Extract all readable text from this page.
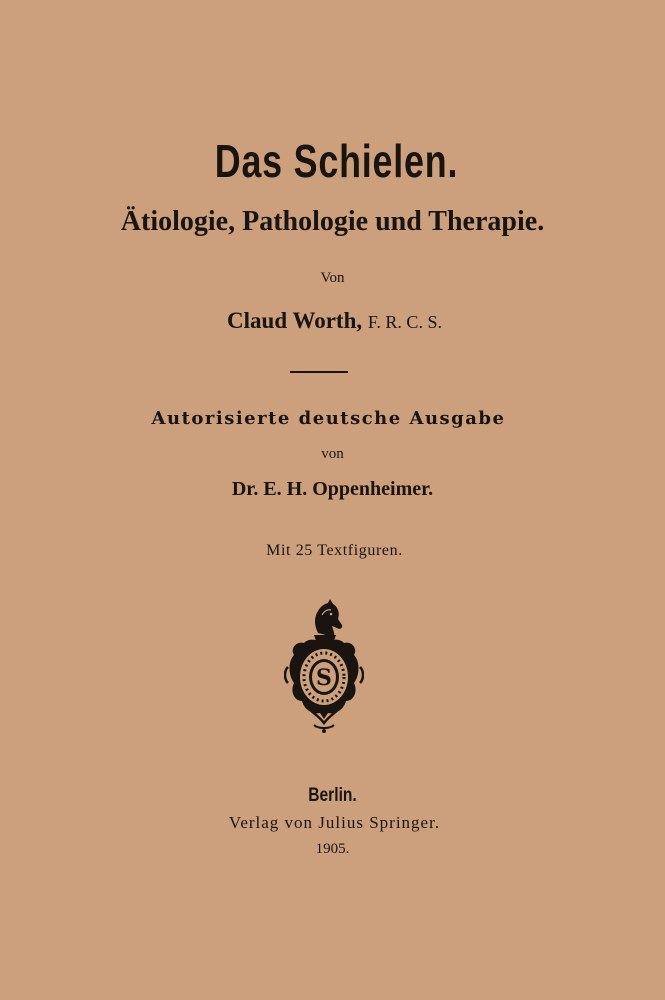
Das Schielen.
Ätiologie, Pathologie und Therapie.
Von
Claud Worth, F. R. C. S.
Autorisierte deutsche Ausgabe
von
Dr. E. H. Oppenheimer.
Mit 25 Textfiguren.
S
Berlin.
Verlag von Julius Springer.
1905.
